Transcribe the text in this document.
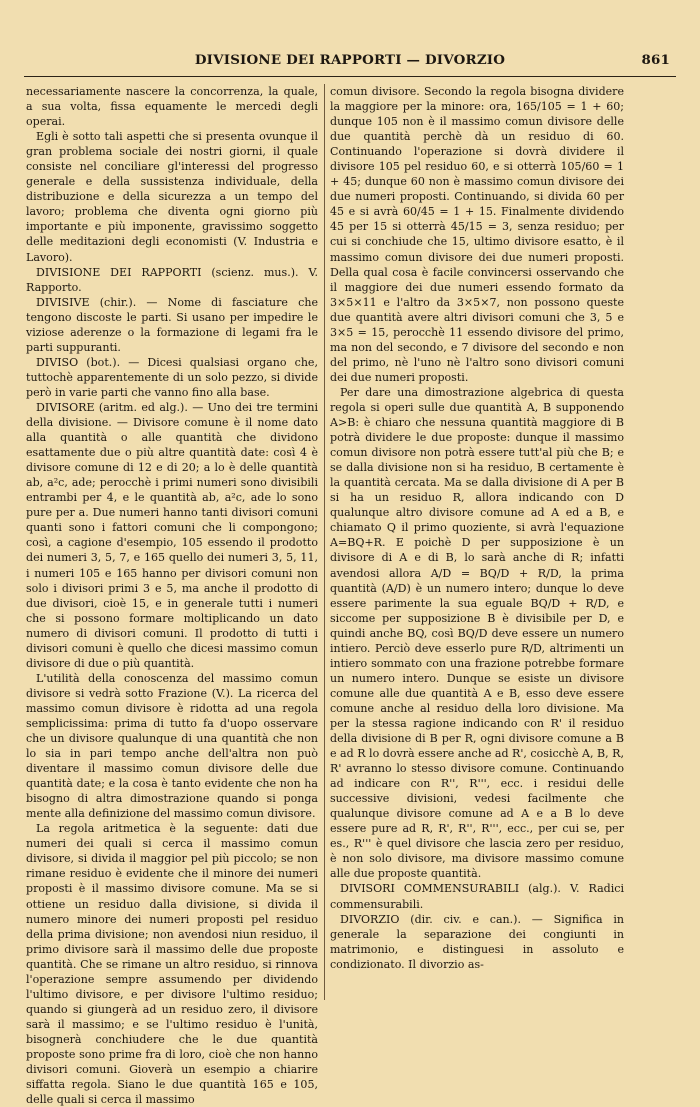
DIVISIONE DEI RAPPORTI — DIVORZIO	861

necessariamente nascere la concorrenza, la quale, a sua volta, fissa equamente le mercedi degli operai.

Egli è sotto tali aspetti che si presenta ovunque il gran problema sociale dei nostri giorni, il quale consiste nel conciliare gl'interessi del progresso generale e della sussistenza individuale, della distribuzione e della sicurezza a un tempo del lavoro; problema che diventa ogni giorno più importante e più imponente, gravissimo soggetto delle meditazioni degli economisti (V. Industria e Lavoro).

DIVISIONE DEI RAPPORTI (scienz. mus.). V. Rapporto.

DIVISIVE (chir.). — Nome di fasciature che tengono discoste le parti. Si usano per impedire le viziose aderenze o la formazione di legami fra le parti suppuranti.

DIVISO (bot.). — Dicesi qualsiasi organo che, tuttochè apparentemente di un solo pezzo, si divide però in varie parti che vanno fino alla base.

DIVISORE (aritm. ed alg.). — Uno dei tre termini della divisione. — Divisore comune è il nome dato alla quantità o alle quantità che dividono esattamente due o più altre quantità date: così 4 è divisore comune di 12 e di 20; a lo è delle quantità ab, a²c, ade; perocchè i primi numeri sono divisibili entrambi per 4, e le quantità ab, a²c, ade lo sono pure per a. Due numeri hanno tanti divisori comuni quanti sono i fattori comuni che li compongono; così, a cagione d'esempio, 105 essendo il prodotto dei numeri 3, 5, 7, e 165 quello dei numeri 3, 5, 11, i numeri 105 e 165 hanno per divisori comuni non solo i divisori primi 3 e 5, ma anche il prodotto di due divisori, cioè 15, e in generale tutti i numeri che si possono formare moltiplicando un dato numero di divisori comuni. Il prodotto di tutti i divisori comuni è quello che dicesi massimo comun divisore di due o più quantità.

L'utilità della conoscenza del massimo comun divisore si vedrà sotto Frazione (V.). La ricerca del massimo comun divisore è ridotta ad una regola semplicissima: prima di tutto fa d'uopo osservare che un divisore qualunque di una quantità che non lo sia in pari tempo anche dell'altra non può diventare il massimo comun divisore delle due quantità date; e la cosa è tanto evidente che non ha bisogno di altra dimostrazione quando si ponga mente alla definizione del massimo comun divisore.

La regola aritmetica è la seguente: dati due numeri dei quali si cerca il massimo comun divisore, si divida il maggior pel più piccolo; se non rimane residuo è evidente che il minore dei numeri proposti è il massimo divisore comune. Ma se si ottiene un residuo dalla divisione, si divida il numero minore dei numeri proposti pel residuo della prima divisione; non avendosi niun residuo, il primo divisore sarà il massimo delle due proposte quantità. Che se rimane un altro residuo, si rinnova l'operazione sempre assumendo per dividendo l'ultimo divisore, e per divisore l'ultimo residuo; quando si giungerà ad un residuo zero, il divisore sarà il massimo; e se l'ultimo residuo è l'unità, bisognerà conchiudere che le due quantità proposte sono prime fra di loro, cioè che non hanno divisori comuni. Gioverà un esempio a chiarire siffatta regola. Siano le due quantità 165 e 105, delle quali si cerca il massimo

comun divisore. Secondo la regola bisogna dividere la maggiore per la minore: ora, 165/105 = 1 + 60; dunque 105 non è il massimo comun divisore delle due quantità perchè dà un residuo di 60. Continuando l'operazione si dovrà dividere il divisore 105 pel residuo 60, e si otterrà 105/60 = 1 + 45; dunque 60 non è massimo comun divisore dei due numeri proposti. Continuando, si divida 60 per 45 e si avrà 60/45 = 1 + 15. Finalmente dividendo 45 per 15 si otterrà 45/15 = 3, senza residuo; per cui si conchiude che 15, ultimo divisore esatto, è il massimo comun divisore dei due numeri proposti. Della qual cosa è facile convincersi osservando che il maggiore dei due numeri essendo formato da 3×5×11 e l'altro da 3×5×7, non possono queste due quantità avere altri divisori comuni che 3, 5 e 3×5 = 15, perocchè 11 essendo divisore del primo, ma non del secondo, e 7 divisore del secondo e non del primo, nè l'uno nè l'altro sono divisori comuni dei due numeri proposti.

Per dare una dimostrazione algebrica di questa regola si operi sulle due quantità A, B supponendo A>B: è chiaro che nessuna quantità maggiore di B potrà dividere le due proposte: dunque il massimo comun divisore non potrà essere tutt'al più che B; e se dalla divisione non si ha residuo, B certamente è la quantità cercata. Ma se dalla divisione di A per B si ha un residuo R, allora indicando con D qualunque altro divisore comune ad A ed a B, e chiamato Q il primo quoziente, si avrà l'equazione A=BQ+R. E poichè D per supposizione è un divisore di A e di B, lo sarà anche di R; infatti avendosi allora A/D = BQ/D + R/D, la prima quantità (A/D) è un numero intero; dunque lo deve essere parimente la sua eguale BQ/D + R/D, e siccome per supposizione B è divisibile per D, e quindi anche BQ, così BQ/D deve essere un numero intiero. Perciò deve esserlo pure R/D, altrimenti un intiero sommato con una frazione potrebbe formare un numero intero. Dunque se esiste un divisore comune alle due quantità A e B, esso deve essere comune anche al residuo della loro divisione. Ma per la stessa ragione indicando con R' il residuo della divisione di B per R, ogni divisore comune a B e ad R lo dovrà essere anche ad R', cosicchè A, B, R, R' avranno lo stesso divisore comune. Continuando ad indicare con R'', R''', ecc. i residui delle successive divisioni, vedesi facilmente che qualunque divisore comune ad A e a B lo deve essere pure ad R, R', R'', R''', ecc., per cui se, per es., R''' è quel divisore che lascia zero per residuo, è non solo divisore, ma divisore massimo comune alle due proposte quantità.

DIVISORI COMMENSURABILI (alg.). V. Radici commensurabili.

DIVORZIO (dir. civ. e can.). — Significa in generale la separazione dei congiunti in matrimonio, e distinguesi in assoluto e condizionato. Il divorzio as-
